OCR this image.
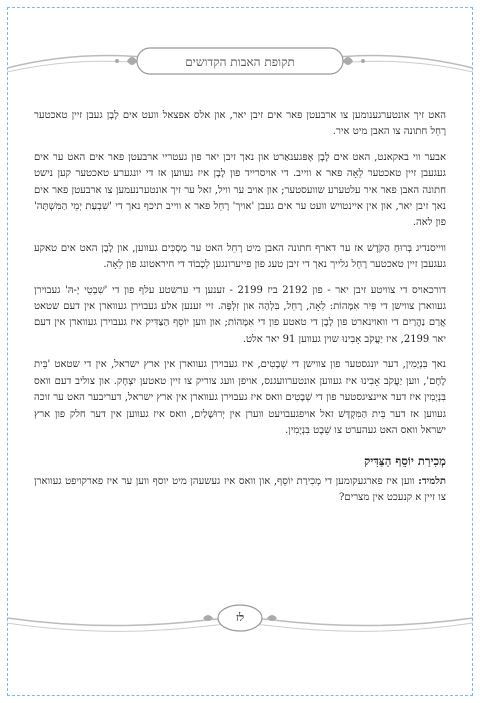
תקופת האבות הקדושים

האט זיך אונטערגענומען צו ארבעטן פאר אים זיבן יאר, און אלס אפצאל וועט אים לָבָן געבן זיין טאכטער רָחֵל חתונה צו האבן מיט איר.

אבער ווי באקאנט, האט אים לָבָן אָפּגענאַרט און נאך זיבן יאר פון געטריי ארבעטן פאר אים האט ער אים געגעבן זיין טאכטער לֵאָה פאר א ווייב. די אויסרייד פון לָבָן איז געווען אז די יונגערע טאכטער קען נישט חתונה האבן פאר איר עלטערע שוועסטער; און אויב ער וויל, זאל ער זיך אונטערנעמען צו ארבעטן פאר אים נאך זיבן יאר, און אין איינטויש וועט ער אים געבן 'אויך' רָחֵל פאר א ווייב תיכף נאך די 'שִׁבְעַת יְמֵי הַמִּשְׁתֶּה' פון לאה.

ווייסנדיג בְּרוּחַ הַקֹּדֶשׁ אז ער דארף חתונה האבן מיט רָחֵל האט ער מַסְכִּים געווען, און לָבָן האט אים טאקע געגעבן זיין טאכטער רָחֵל גלייך נאך די זיבן טעג פון פייערונגען לְכָבוֹד די חיראטונג פון לֵאָה.

דורכאויס די צוויטע זיבן יאר - פון 2192 ביז 2199 - זענען די ערשטע עלף פון די 'שִׁבְטֵי יָ-הּ' געבוירן געווארן צווישן די פִּיר אִמָּהוֹת: לֵאָה, רָחֵל, בִּלְהָה און זִלְפָּה. זיי זענען אלע געבוירן געווארן אין דעם שטאט אֲרַם נַהֲרַיִם די וואוינארט פון לָבָן די טאטע פון די אִמָּהוֹת; און ווען יוֹסֵף הַצַּדִּיק איז געבוירן געווארן אין דעם יאר 2199, איז יַעֲקֹב אָבִינוּ שוין געווען 91 יאר אלט.

נאך בִּנְיָמִין, דער יונגסטער פון צווישן די שְׁבָטִים, איז געבוירן געווארן אין ארץ ישראל, אין די שטאט 'בֵּית לֶחֶם', ווען יַעֲקֹב אָבִינוּ איז געווען אונטערוועגנס, אויפן וועג צוריק צו זיין טאטען יִצְחָק. און צוליב דעם וואס בִּנְיָמִין איז דער איינציגסטער פון די שְׁבָטִים וואס איז געבוירן געווארן אין ארץ ישראל, דעריבער האט ער זוכה געווען אז דער בֵּית הַמִּקְדָּשׁ זאל אויפגעבויעט ווערן אין יְרוּשָׁלַיִם, וואס איז געווען אין דער חלק פון ארץ ישראל וואס האט געהערט צו שֵׁבֶט בִּנְיָמִין.

מְכִירַת יוֹסֵף הַצַּדִּיק

תלמיד: ווען איז פארגעקומען די מְכִירַת יוֹסֵף, און וואס איז געשעהן מיט יוסף ווען ער איז פארקויפט געווארן צו זיין א קנעכט אין מצרים?

לז
